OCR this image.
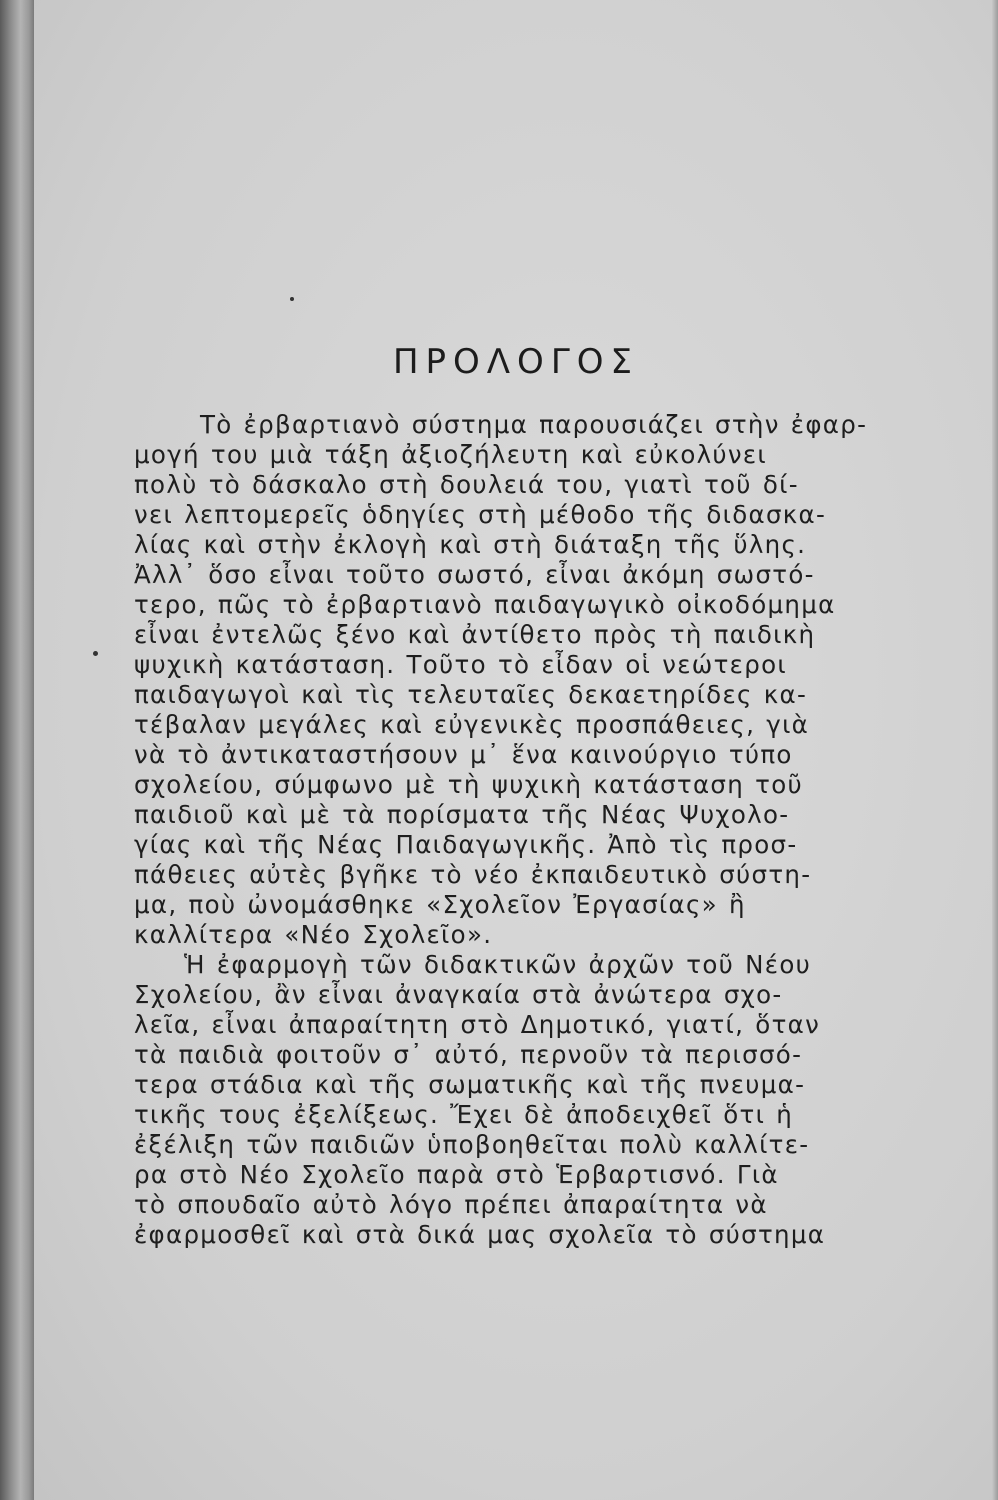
ΠΡΟΛΟΓΟΣ
Τὸ ἐρβαρτιανὸ σύστημα παρουσιάζει στὴν ἐφαρ-
μογή του μιὰ τάξη ἀξιοζήλευτη καὶ εὐκολύνει
πολὺ τὸ δάσκαλο στὴ δουλειά του, γιατὶ τοῦ δί-
νει λεπτομερεῖς ὁδηγίες στὴ μέθοδο τῆς διδασκα-
λίας καὶ στὴν ἐκλογὴ καὶ στὴ διάταξη τῆς ὕλης.
Ἀλλ᾽ ὅσο εἶναι τοῦτο σωστό, εἶναι ἀκόμη σωστό-
τερο, πῶς τὸ ἐρβαρτιανὸ παιδαγωγικὸ οἰκοδόμημα
εἶναι ἐντελῶς ξένο καὶ ἀντίθετο πρὸς τὴ παιδικὴ
ψυχικὴ κατάσταση. Τοῦτο τὸ εἶδαν οἱ νεώτεροι
παιδαγωγοὶ καὶ τὶς τελευταῖες δεκαετηρίδες κα-
τέβαλαν μεγάλες καὶ εὐγενικὲς προσπάθειες, γιὰ
νὰ τὸ ἀντικαταστήσουν μ᾽ ἕνα καινούργιο τύπο
σχολείου, σύμφωνο μὲ τὴ ψυχικὴ κατάσταση τοῦ
παιδιοῦ καὶ μὲ τὰ πορίσματα τῆς Νέας Ψυχολο-
γίας καὶ τῆς Νέας Παιδαγωγικῆς. Ἀπὸ τὶς προσ-
πάθειες αὐτὲς βγῆκε τὸ νέο ἐκπαιδευτικὸ σύστη-
μα, ποὺ ὠνομάσθηκε «Σχολεῖον Ἐργασίας» ἢ
καλλίτερα «Νέο Σχολεῖο».
Ἡ ἐφαρμογὴ τῶν διδακτικῶν ἀρχῶν τοῦ Νέου
Σχολείου, ἂν εἶναι ἀναγκαία στὰ ἀνώτερα σχο-
λεῖα, εἶναι ἀπαραίτητη στὸ Δημοτικό, γιατί, ὅταν
τὰ παιδιὰ φοιτοῦν σ᾽ αὐτό, περνοῦν τὰ περισσό-
τερα στάδια καὶ τῆς σωματικῆς καὶ τῆς πνευμα-
τικῆς τους ἐξελίξεως. Ἔχει δὲ ἀποδειχθεῖ ὅτι ἡ
ἐξέλιξη τῶν παιδιῶν ὑποβοηθεῖται πολὺ καλλίτε-
ρα στὸ Νέο Σχολεῖο παρὰ στὸ Ἑρβαρτισνό. Γιὰ
τὸ σπουδαῖο αὐτὸ λόγο πρέπει ἀπαραίτητα νὰ
ἐφαρμοσθεῖ καὶ στὰ δικά μας σχολεῖα τὸ σύστημα
